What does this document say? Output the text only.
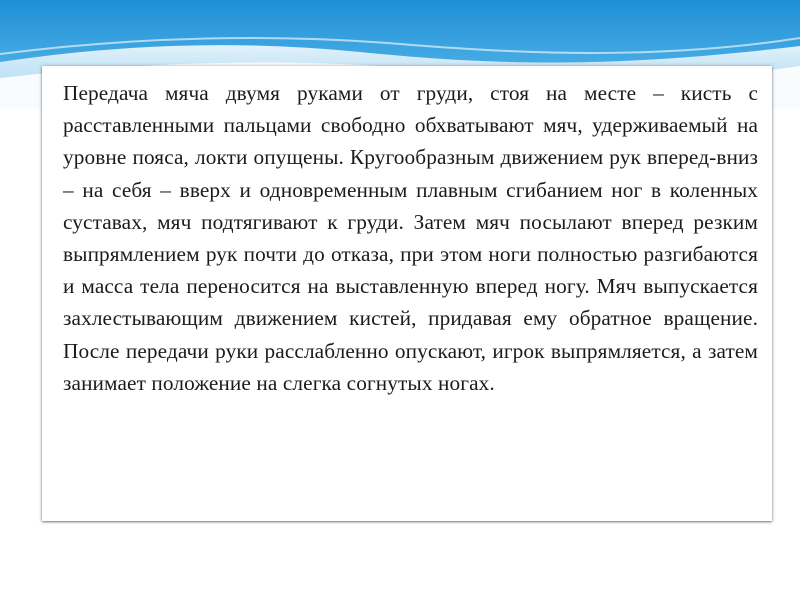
Передача мяча двумя руками от груди, стоя на месте – кисть с расставленными пальцами свободно обхватывают мяч, удерживаемый на уровне пояса, локти опущены. Кругообразным движением рук вперед-вниз – на себя – вверх и одновременным плавным сгибанием ног в коленных суставах, мяч подтягивают к груди. Затем мяч посылают вперед резким выпрямлением рук почти до отказа, при этом ноги полностью разгибаются и масса тела переносится на выставленную вперед ногу. Мяч выпускается захлестывающим движением кистей, придавая ему обратное вращение. После передачи руки расслабленно опускают, игрок выпрямляется, а затем занимает положение на слегка согнутых ногах.
